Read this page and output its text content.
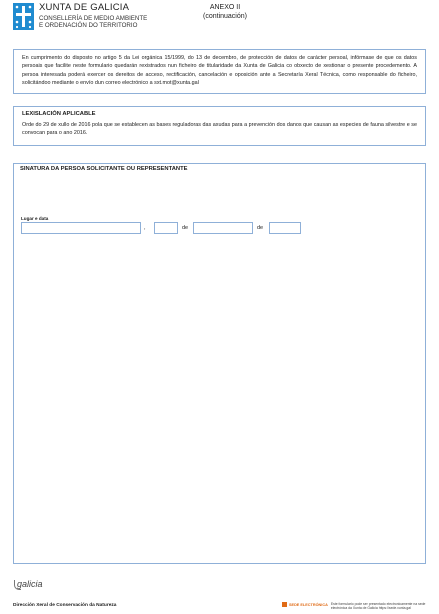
XUNTA DE GALICIA
CONSELLERÍA DE MEDIO AMBIENTE
E ORDENACIÓN DO TERRITORIO
ANEXO II
(continuación)

En cumprimento do disposto no artigo 5 da Lei orgánica 15/1999, do 13 de decembro, de protección de datos de carácter persoal, infórmase de que os datos persoais que facilite neste formulario quedarán rexistrados nun ficheiro de titularidade da Xunta de Galicia co obxecto de xestionar o presente procedemento. A persoa interesada poderá exercer os dereitos de acceso, rectificación, cancelación e oposición ante a Secretaría Xeral Técnica, como responsable do ficheiro, solicitándoo mediante o envío dun correo electrónico a sxt.mot@xunta.gal

LEXISLACIÓN APLICABLE

Orde do 29 de xullo de 2016 pola que se establecen as bases reguladoras das axudas para a prevención dos danos que causan as especies de fauna silvestre e se convocan para o ano 2016.

SINATURA DA PERSOA SOLICITANTE OU REPRESENTANTE
Lugar e data
,	de	de
galicia
Dirección Xeral de Conservación da Natureza	SEDE ELECTRÓNICA Este formulario pode ser presentado electronicamente na sede electrónica da Xunta de Galicia https://sede.xunta.gal
